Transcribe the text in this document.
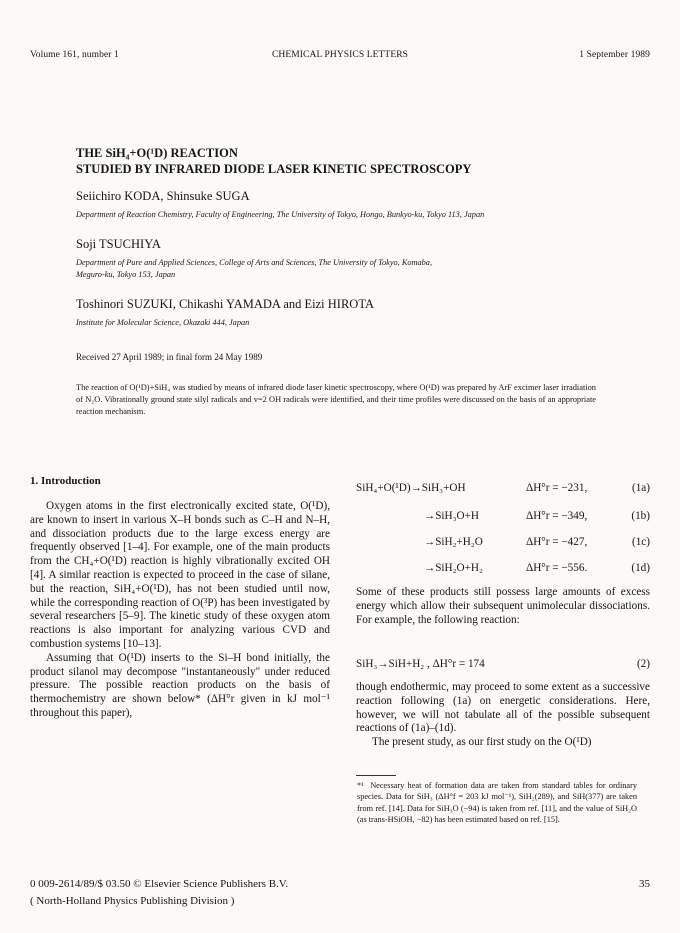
Volume 161, number 1	CHEMICAL PHYSICS LETTERS	1 September 1989
THE SiH₄+O(¹D) REACTION
STUDIED BY INFRARED DIODE LASER KINETIC SPECTROSCOPY
Seiichiro KODA, Shinsuke SUGA
Department of Reaction Chemistry, Faculty of Engineering, The University of Tokyo, Hongo, Bunkyo-ku, Tokyo 113, Japan
Soji TSUCHIYA
Department of Pure and Applied Sciences, College of Arts and Sciences, The University of Tokyo, Komaba,
Meguro-ku, Tokyo 153, Japan
Toshinori SUZUKI, Chikashi YAMADA and Eizi HIROTA
Institute for Molecular Science, Okazaki 444, Japan
Received 27 April 1989; in final form 24 May 1989
The reaction of O(¹D)+SiH₄ was studied by means of infrared diode laser kinetic spectroscopy, where O(¹D) was prepared by ArF excimer laser irradiation of N₂O. Vibrationally ground state silyl radicals and v=2 OH radicals were identified, and their time profiles were discussed on the basis of an appropriate reaction mechanism.
1. Introduction

Oxygen atoms in the first electronically excited state, O(¹D), are known to insert in various X–H bonds such as C–H and N–H, and dissociation products due to the large excess energy are frequently observed [1–4]. For example, one of the main products from the CH₄+O(¹D) reaction is highly vibrationally excited OH [4]. A similar reaction is expected to proceed in the case of silane, but the reaction, SiH₄+O(¹D), has not been studied until now, while the corresponding reaction of O(³P) has been investigated by several researchers [5–9]. The kinetic study of these oxygen atom reactions is also important for analyzing various CVD and combustion systems [10–13].

Assuming that O(¹D) inserts to the Si–H bond initially, the product silanol may decompose "instantaneously" under reduced pressure. The possible reaction products on the basis of thermochemistry are shown below* (ΔH°r given in kJ mol⁻¹ throughout this paper),

SiH₄+O(¹D)→SiH₃+OH	ΔH°r = −231,	(1a)
→SiH₃O+H	ΔH°r = −349,	(1b)
→SiH₂+H₂O	ΔH°r = −427,	(1c)
→SiH₂O+H₂	ΔH°r = −556.	(1d)

Some of these products still possess large amounts of excess energy which allow their subsequent unimolecular dissociations. For example, the following reaction:

SiH₃→SiH+H₂ , ΔH°r = 174	(2)

though endothermic, may proceed to some extent as a successive reaction following (1a) on energetic considerations. Here, however, we will not tabulate all of the possible subsequent reactions of (1a)–(1d).

The present study, as our first study on the O(¹D)

*¹ Necessary heat of formation data are taken from standard tables for ordinary species. Data for SiH₃ (ΔH°f = 203 kJ mol⁻¹), SiH₂(289), and SiH(377) are taken from ref. [14]. Data for SiH₃O (−94) is taken from ref. [11], and the value of SiH₂O (as trans-HSiOH, −82) has been estimated based on ref. [15].

0 009-2614/89/$ 03.50 © Elsevier Science Publishers B.V.
( North-Holland Physics Publishing Division )
35
